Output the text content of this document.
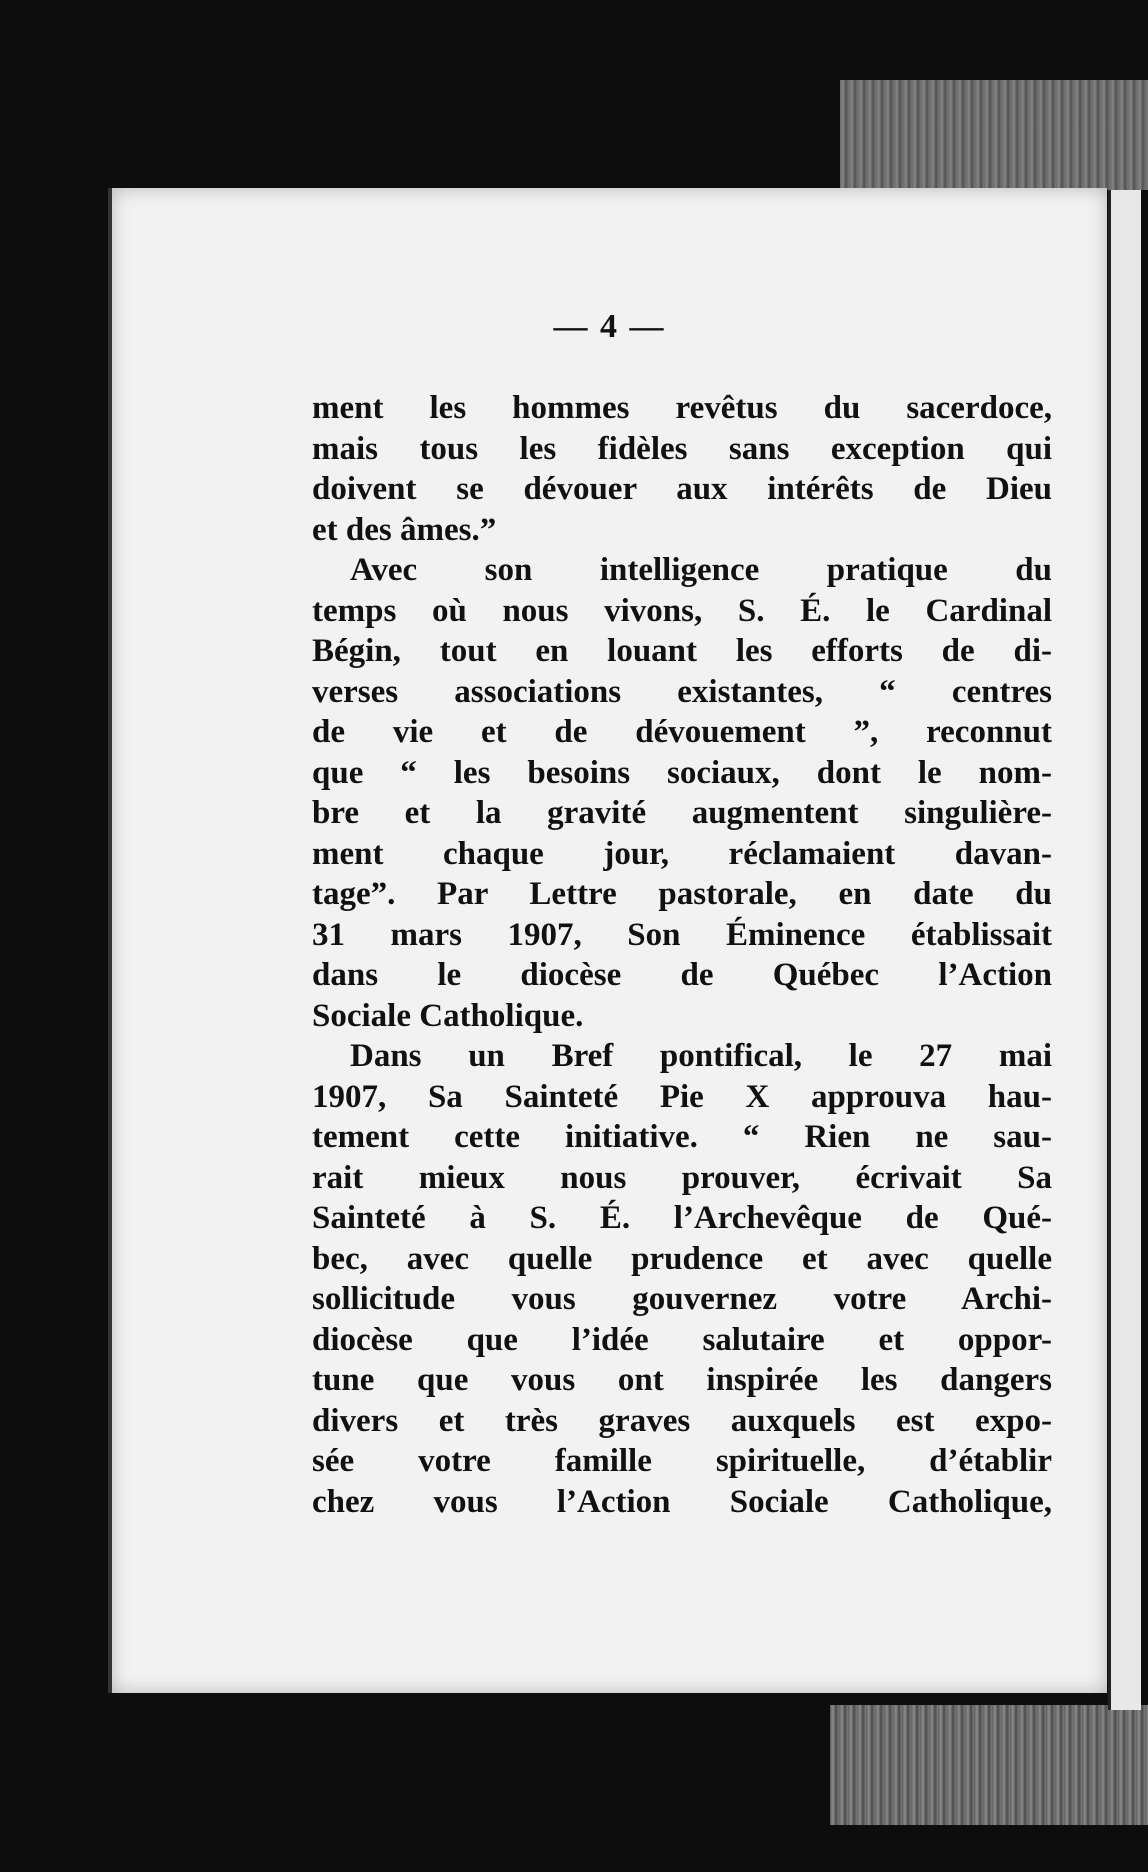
— 4 —
ment les hommes revêtus du sacerdoce,
mais tous les fidèles sans exception qui
doivent se dévouer aux intérêts de Dieu
et des âmes.”
Avec son intelligence pratique du
temps où nous vivons, S. É. le Cardinal
Bégin, tout en louant les efforts de di-
verses associations existantes, “ centres
de vie et de dévouement ”, reconnut
que “ les besoins sociaux, dont le nom-
bre et la gravité augmentent singulière-
ment chaque jour, réclamaient davan-
tage”. Par Lettre pastorale, en date du
31 mars 1907, Son Éminence établissait
dans le diocèse de Québec l’Action
Sociale Catholique.
Dans un Bref pontifical, le 27 mai
1907, Sa Sainteté Pie X approuva hau-
tement cette initiative. “ Rien ne sau-
rait mieux nous prouver, écrivait Sa
Sainteté à S. É. l’Archevêque de Qué-
bec, avec quelle prudence et avec quelle
sollicitude vous gouvernez votre Archi-
diocèse que l’idée salutaire et oppor-
tune que vous ont inspirée les dangers
divers et très graves auxquels est expo-
sée votre famille spirituelle, d’établir
chez vous l’Action Sociale Catholique,
